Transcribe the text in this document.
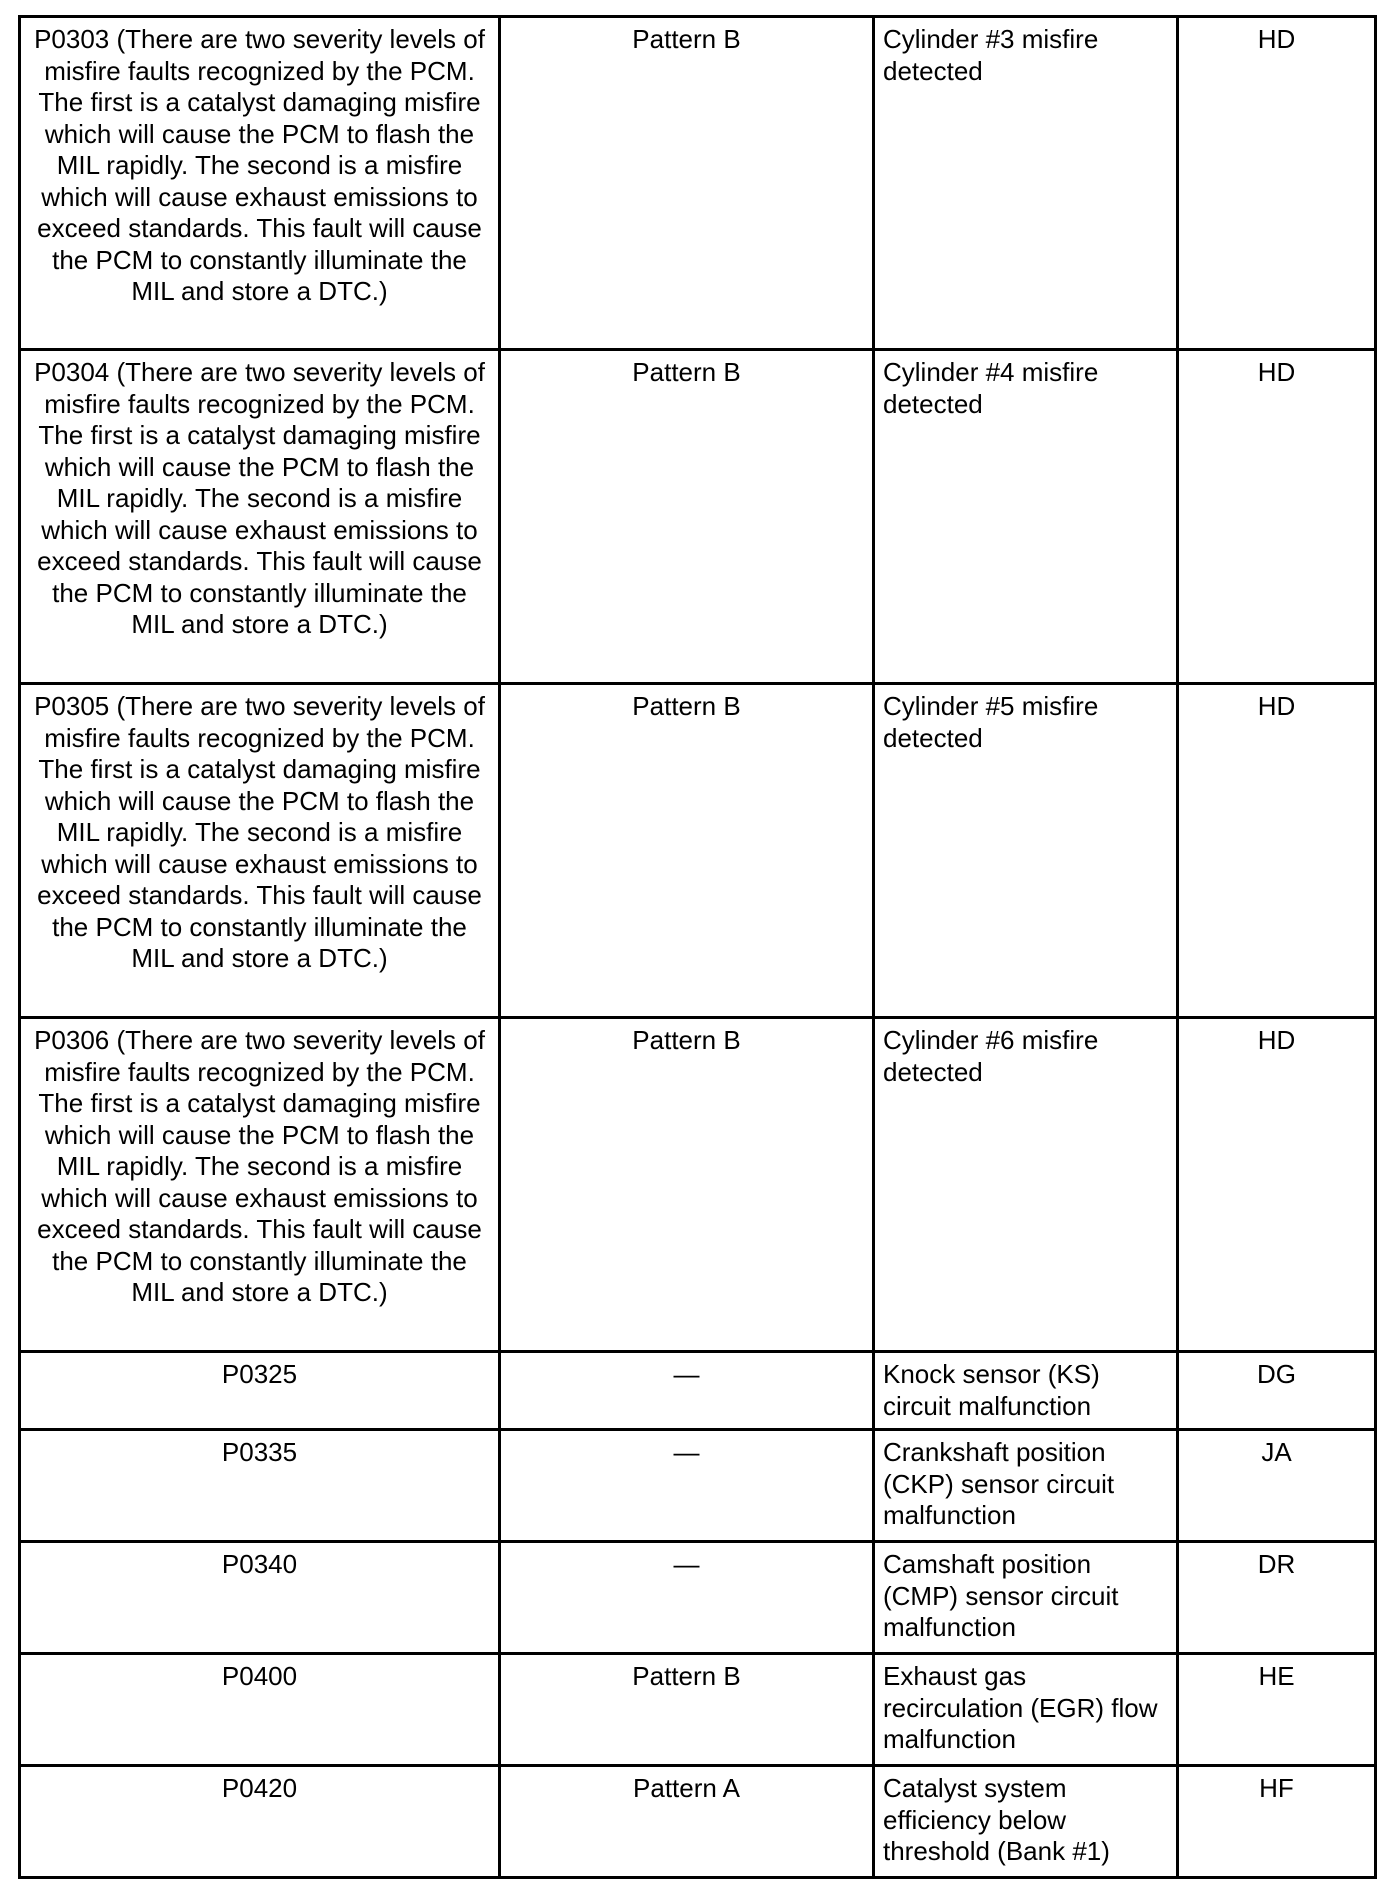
P0303 (There are two severity levels of misfire faults recognized by the PCM. The first is a catalyst damaging misfire which will cause the PCM to flash the MIL rapidly. The second is a misfire which will cause exhaust emissions to exceed standards. This fault will cause the PCM to constantly illuminate the MIL and store a DTC.)	Pattern B	Cylinder #3 misfire detected	HD
P0304 (There are two severity levels of misfire faults recognized by the PCM. The first is a catalyst damaging misfire which will cause the PCM to flash the MIL rapidly. The second is a misfire which will cause exhaust emissions to exceed standards. This fault will cause the PCM to constantly illuminate the MIL and store a DTC.)	Pattern B	Cylinder #4 misfire detected	HD
P0305 (There are two severity levels of misfire faults recognized by the PCM. The first is a catalyst damaging misfire which will cause the PCM to flash the MIL rapidly. The second is a misfire which will cause exhaust emissions to exceed standards. This fault will cause the PCM to constantly illuminate the MIL and store a DTC.)	Pattern B	Cylinder #5 misfire detected	HD
P0306 (There are two severity levels of misfire faults recognized by the PCM. The first is a catalyst damaging misfire which will cause the PCM to flash the MIL rapidly. The second is a misfire which will cause exhaust emissions to exceed standards. This fault will cause the PCM to constantly illuminate the MIL and store a DTC.)	Pattern B	Cylinder #6 misfire detected	HD
P0325	—	Knock sensor (KS) circuit malfunction	DG
P0335	—	Crankshaft position (CKP) sensor circuit malfunction	JA
P0340	—	Camshaft position (CMP) sensor circuit malfunction	DR
P0400	Pattern B	Exhaust gas recirculation (EGR) flow malfunction	HE
P0420	Pattern A	Catalyst system efficiency below threshold (Bank #1)	HF
